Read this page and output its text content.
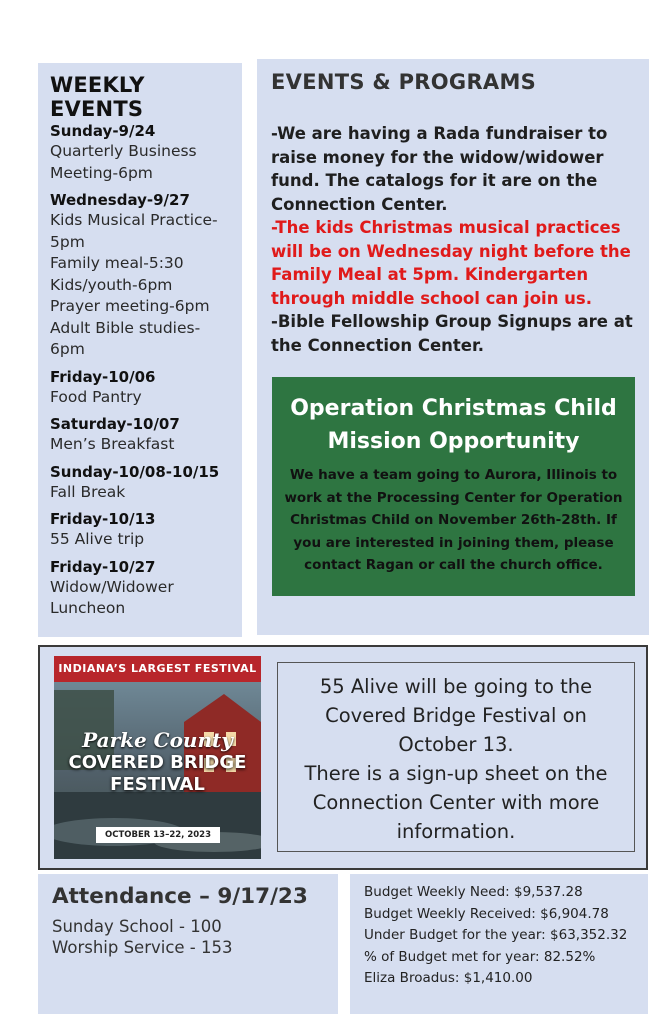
WEEKLY EVENTS
Sunday-9/24
Quarterly Business
Meeting-6pm
Wednesday-9/27
Kids Musical Practice-
5pm
Family meal-5:30
Kids/youth-6pm
Prayer meeting-6pm
Adult Bible studies-
6pm
Friday-10/06
Food Pantry
Saturday-10/07
Men’s Breakfast
Sunday-10/08-10/15
Fall Break
Friday-10/13
55 Alive trip
Friday-10/27
Widow/Widower
Luncheon
EVENTS & PROGRAMS

-We are having a Rada fundraiser to raise money for the widow/widower fund. The catalogs for it are on the Connection Center.

-The kids Christmas musical practices will be on Wednesday night before the Family Meal at 5pm. Kindergarten through middle school can join us.

-Bible Fellowship Group Signups are at the Connection Center.

Operation Christmas Child Mission Opportunity
We have a team going to Aurora, Illinois to work at the Processing Center for Operation Christmas Child on November 26th-28th. If you are interested in joining them, please contact Ragan or call the church office.
INDIANA’S LARGEST FESTIVAL
Parke County
COVERED BRIDGE FESTIVAL
OCTOBER 13–22, 2023
55 Alive will be going to the Covered Bridge Festival on October 13.
There is a sign-up sheet on the Connection Center with more information.
Attendance – 9/17/23
Sunday School - 100
Worship Service - 153
Budget Weekly Need: $9,537.28
Budget Weekly Received: $6,904.78
Under Budget for the year: $63,352.32
% of Budget met for year: 82.52%
Eliza Broadus: $1,410.00
